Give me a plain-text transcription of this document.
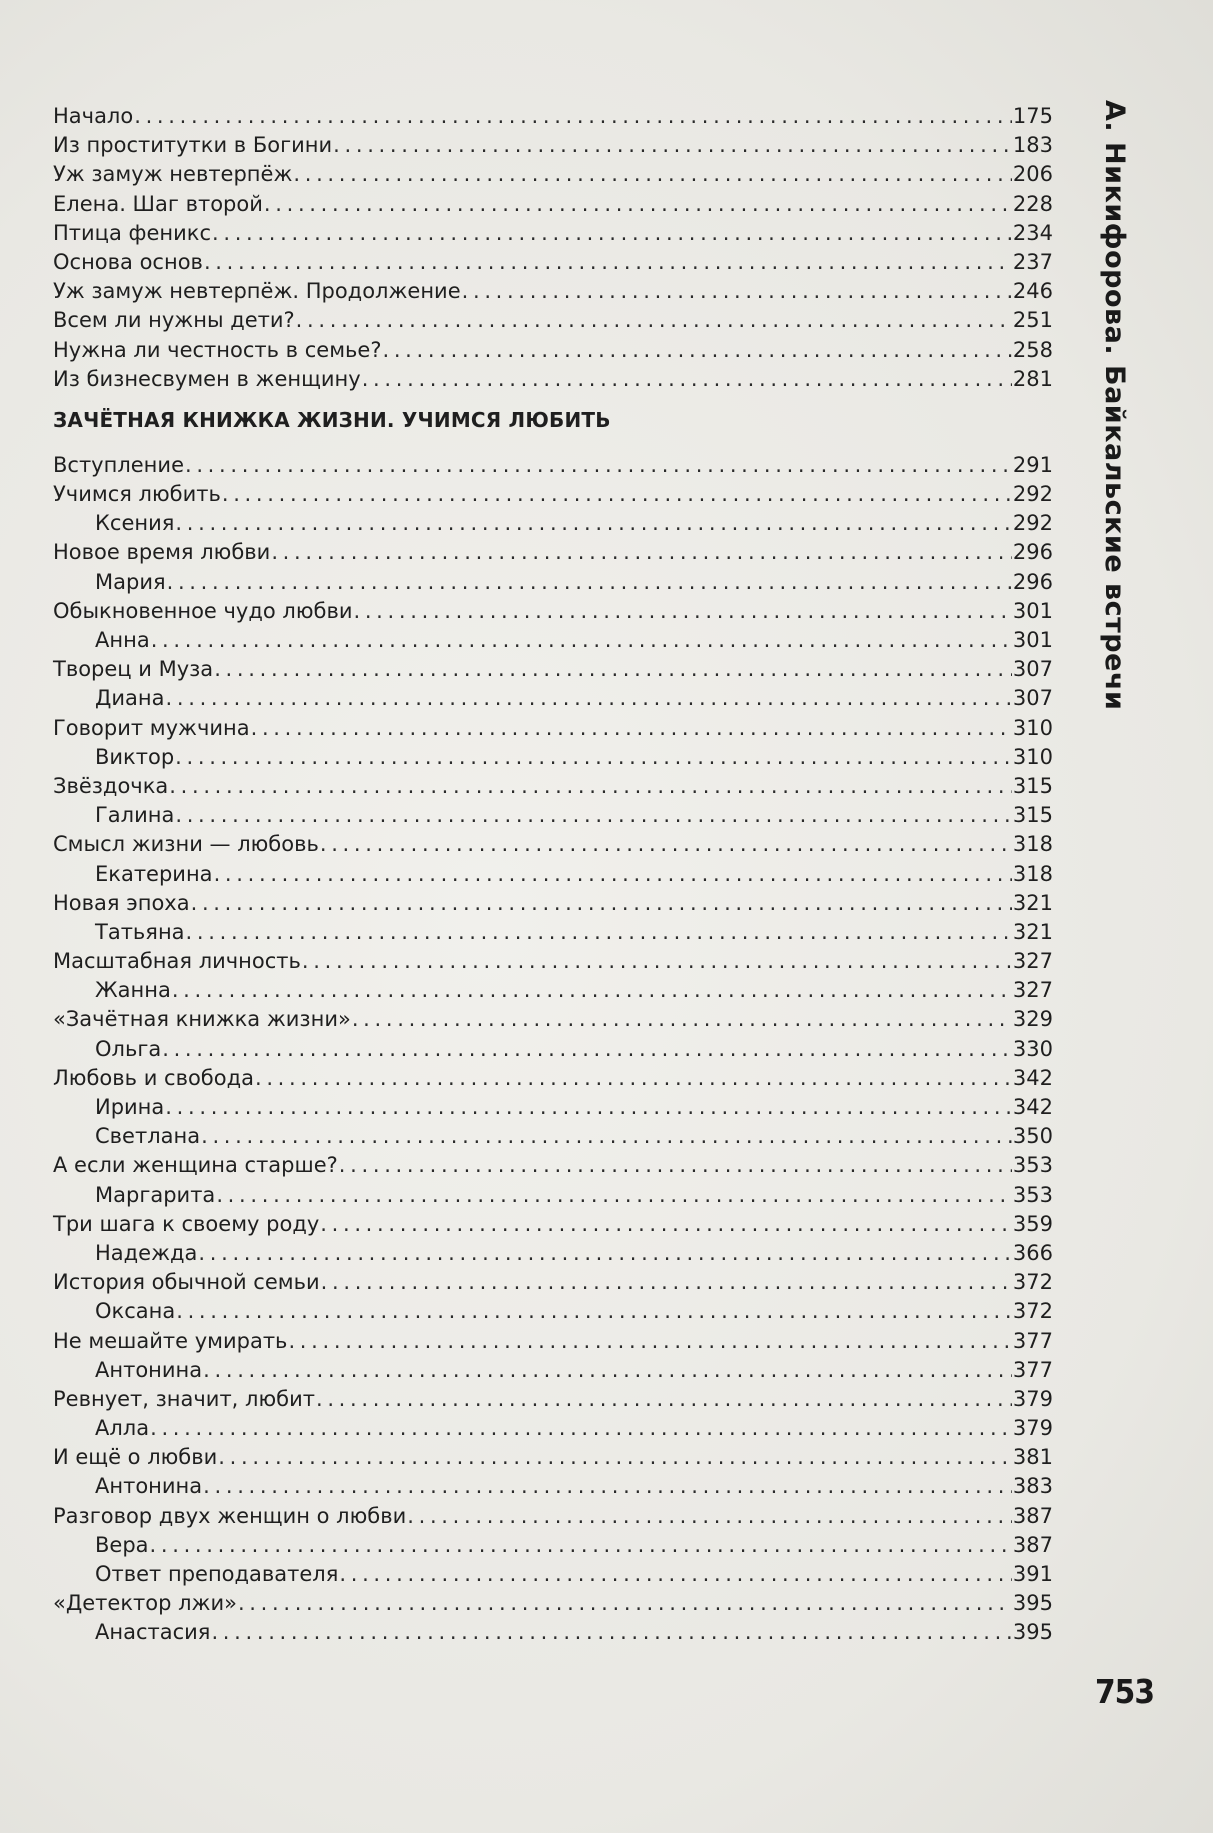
Начало . . .	175
Из проститутки в Богини . . .	183
Уж замуж невтерпёж . . .	206
Елена. Шаг второй . . .	228
Птица феникс . . .	234
Основа основ . . .	237
Уж замуж невтерпёж. Продолжение . . .	246
Всем ли нужны дети? . . .	251
Нужна ли честность в семье? . . .	258
Из бизнесвумен в женщину . . .	281
ЗАЧЁТНАЯ КНИЖКА ЖИЗНИ. УЧИМСЯ ЛЮБИТЬ
Вступление . . .	291
Учимся любить . . .	292
Ксения . . .	292
Новое время любви . . .	296
Мария . . .	296
Обыкновенное чудо любви . . .	301
Анна . . .	301
Творец и Муза . . .	307
Диана . . .	307
Говорит мужчина . . .	310
Виктор . . .	310
Звёздочка . . .	315
Галина . . .	315
Смысл жизни — любовь . . .	318
Екатерина . . .	318
Новая эпоха . . .	321
Татьяна . . .	321
Масштабная личность . . .	327
Жанна . . .	327
«Зачётная книжка жизни» . . .	329
Ольга . . .	330
Любовь и свобода . . .	342
Ирина . . .	342
Светлана . . .	350
А если женщина старше? . . .	353
Маргарита . . .	353
Три шага к своему роду . . .	359
Надежда . . .	366
История обычной семьи . . .	372
Оксана . . .	372
Не мешайте умирать . . .	377
Антонина . . .	377
Ревнует, значит, любит . . .	379
Алла . . .	379
И ещё о любви . . .	381
Антонина . . .	383
Разговор двух женщин о любви . . .	387
Вера . . .	387
Ответ преподавателя . . .	391
«Детектор лжи» . . .	395
Анастасия . . .	395
А. Никифорова. Байкальские встречи
753
